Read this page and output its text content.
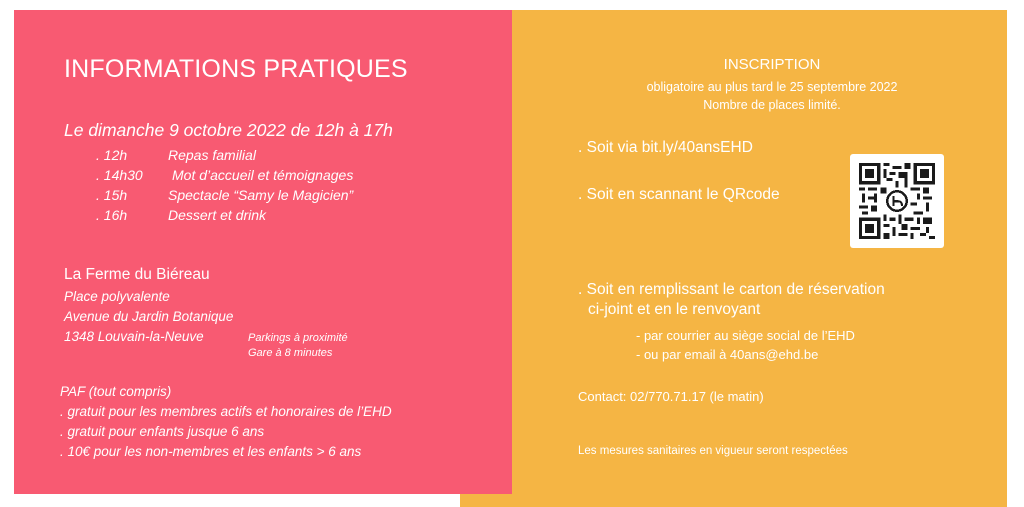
INFORMATIONS PRATIQUES
Le dimanche 9 octobre 2022 de 12h à 17h
. 12h	Repas familial
. 14h30 Mot d’accueil et témoignages
. 15h	Spectacle “Samy le Magicien”
. 16h	Dessert et drink
La Ferme du Biéreau
Place polyvalente
Avenue du Jardin Botanique
1348 Louvain-la-Neuve	Parkings à proximité
Gare à 8 minutes
PAF (tout compris)
. gratuit pour les membres actifs et honoraires de l’EHD
. gratuit pour enfants jusque 6 ans
. 10€ pour les non-membres et les enfants > 6 ans
INSCRIPTION
obligatoire au plus tard le 25 septembre 2022
Nombre de places limité.
. Soit via bit.ly/40ansEHD
. Soit en scannant le QRcode
. Soit en remplissant le carton de réservation
ci-joint et en le renvoyant
- par courrier au siège social de l’EHD
- ou par email à 40ans@ehd.be
Contact: 02/770.71.17 (le matin)
Les mesures sanitaires en vigueur seront respectées
